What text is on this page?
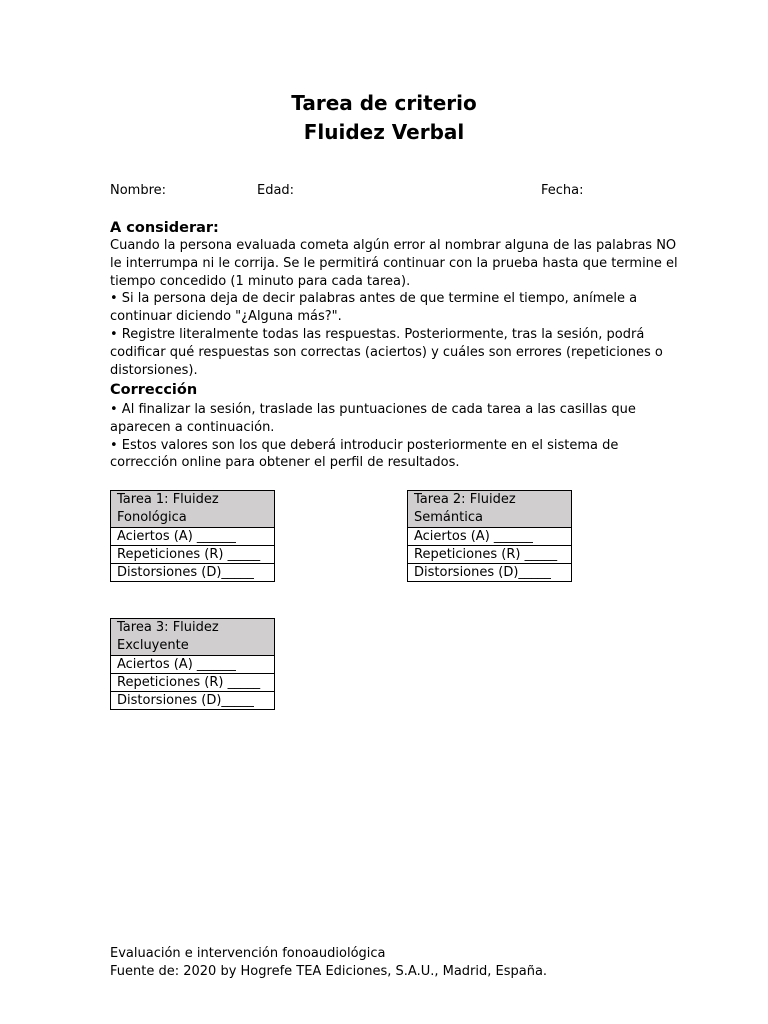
Tarea de criterio
Fluidez Verbal
Nombre:	Edad:	Fecha:
A considerar:

Cuando la persona evaluada cometa algún error al nombrar alguna de las palabras NO

le interrumpa ni le corrija. Se le permitirá continuar con la prueba hasta que termine el

tiempo concedido (1 minuto para cada tarea).

• Si la persona deja de decir palabras antes de que termine el tiempo, anímele a

continuar diciendo "¿Alguna más?".

• Registre literalmente todas las respuestas. Posteriormente, tras la sesión, podrá

codificar qué respuestas son correctas (aciertos) y cuáles son errores (repeticiones o

distorsiones).

Corrección

• Al finalizar la sesión, traslade las puntuaciones de cada tarea a las casillas que

aparecen a continuación.

• Estos valores son los que deberá introducir posteriormente en el sistema de

corrección online para obtener el perfil de resultados.

Tarea 1: Fluidez Fonológica
Aciertos (A) ______
Repeticiones (R) _____
Distorsiones (D)_____
Tarea 2: Fluidez Semántica
Aciertos (A) ______
Repeticiones (R) _____
Distorsiones (D)_____
Tarea 3: Fluidez Excluyente
Aciertos (A) ______
Repeticiones (R) _____
Distorsiones (D)_____
Evaluación e intervención fonoaudiológica
Fuente de: 2020 by Hogrefe TEA Ediciones, S.A.U., Madrid, España.
